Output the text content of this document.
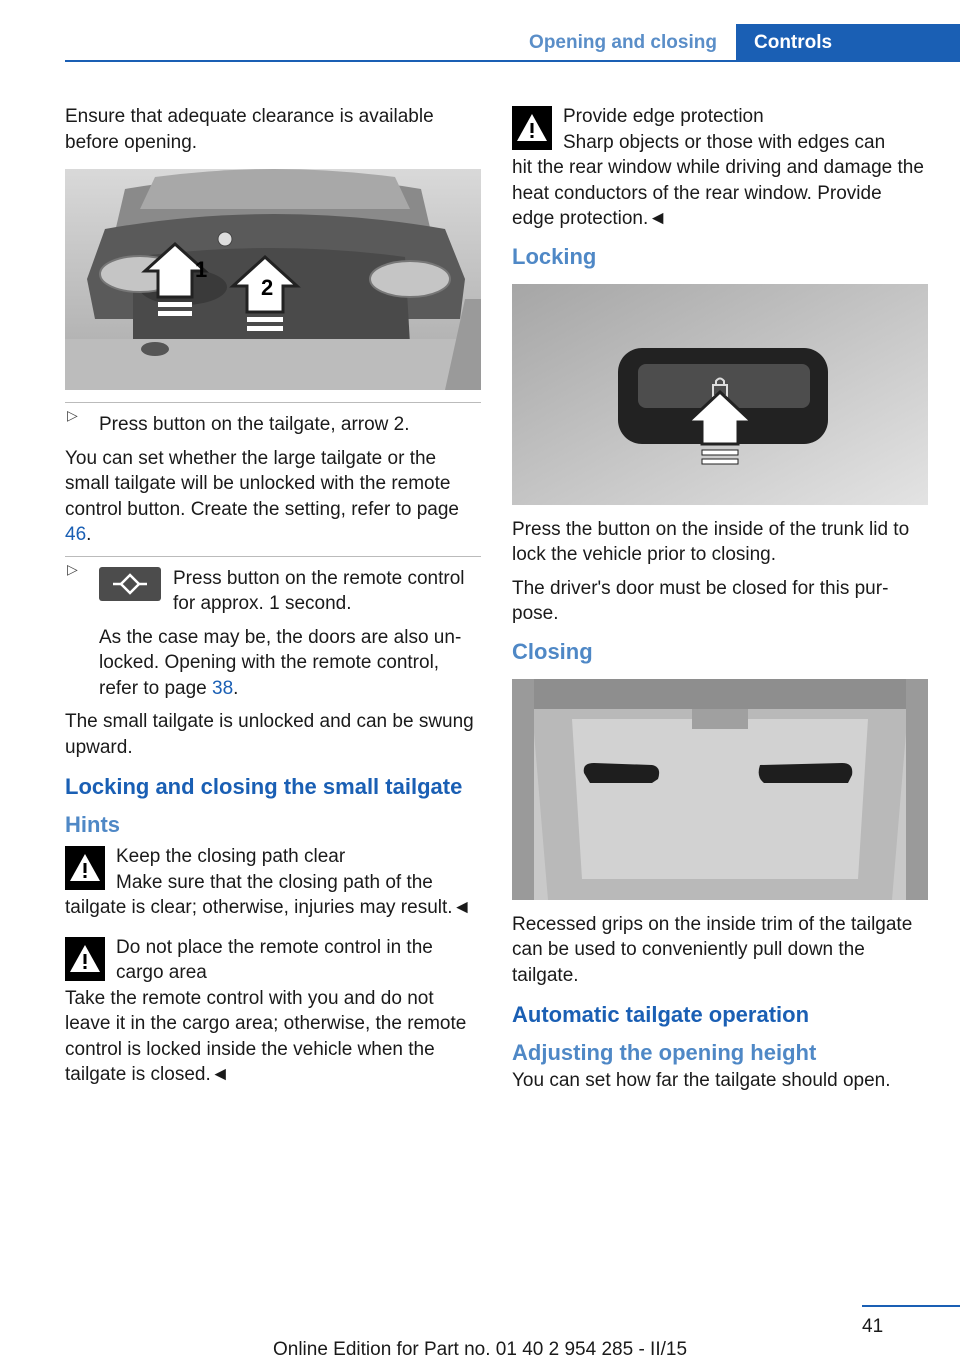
Opening and closing	Controls

Ensure that adequate clearance is available before opening.

1
2
▷ Press button on the tailgate, arrow 2.

You can set whether the large tailgate or the small tailgate will be unlocked with the remote control button. Create the setting, refer to page 46.

▷	Press button on the remote control for approx. 1 second.

As the case may be, the doors are also unlocked. Opening with the remote control, refer to page 38.

The small tailgate is unlocked and can be swung upward.

Locking and closing the small tailgate
Hints
Keep the closing path clear
Make sure that the closing path of the

tailgate is clear; otherwise, injuries may result.◄

Do not place the remote control in the cargo area

Take the remote control with you and do not leave it in the cargo area; otherwise, the remote control is locked inside the vehicle when the tailgate is closed.◄

Provide edge protection
Sharp objects or those with edges can

hit the rear window while driving and damage the heat conductors of the rear window. Provide edge protection.◄

Locking

Press the button on the inside of the trunk lid to lock the vehicle prior to closing.

The driver's door must be closed for this purpose.

Closing

Recessed grips on the inside trim of the tailgate can be used to conveniently pull down the tailgate.

Automatic tailgate operation
Adjusting the opening height

You can set how far the tailgate should open.

41
Online Edition for Part no. 01 40 2 954 285 - II/15
